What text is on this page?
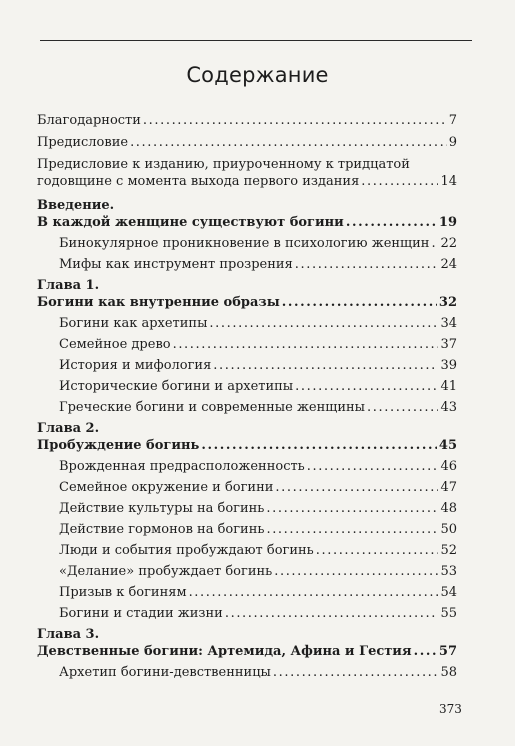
Содержание
Благодарности .....	7
Предисловие .....	9
Предисловие к изданию, приуроченному к тридцатой
годовщине с момента выхода первого издания .....	14
Введение.
В каждой женщине существуют богини .....	19
Бинокулярное проникновение в психологию женщин ..... 22
Мифы как инструмент прозрения .....	24
Глава 1.
Богини как внутренние образы .....	32
Богини как архетипы .....	34
Семейное древо .....	37
История и мифология .....	39
Исторические богини и архетипы .....	41
Греческие богини и современные женщины .....	43
Глава 2.
Пробуждение богинь .....	45
Врожденная предрасположенность .....	46
Семейное окружение и богини .....	47
Действие культуры на богинь .....	48
Действие гормонов на богинь .....	50
Люди и события пробуждают богинь .....	52
«Делание» пробуждает богинь .....	53
Призыв к богиням .....	54
Богини и стадии жизни .....	55
Глава 3.
Девственные богини: Артемида, Афина и Гестия ..... 57
Архетип богини-девственницы .....	58
373
